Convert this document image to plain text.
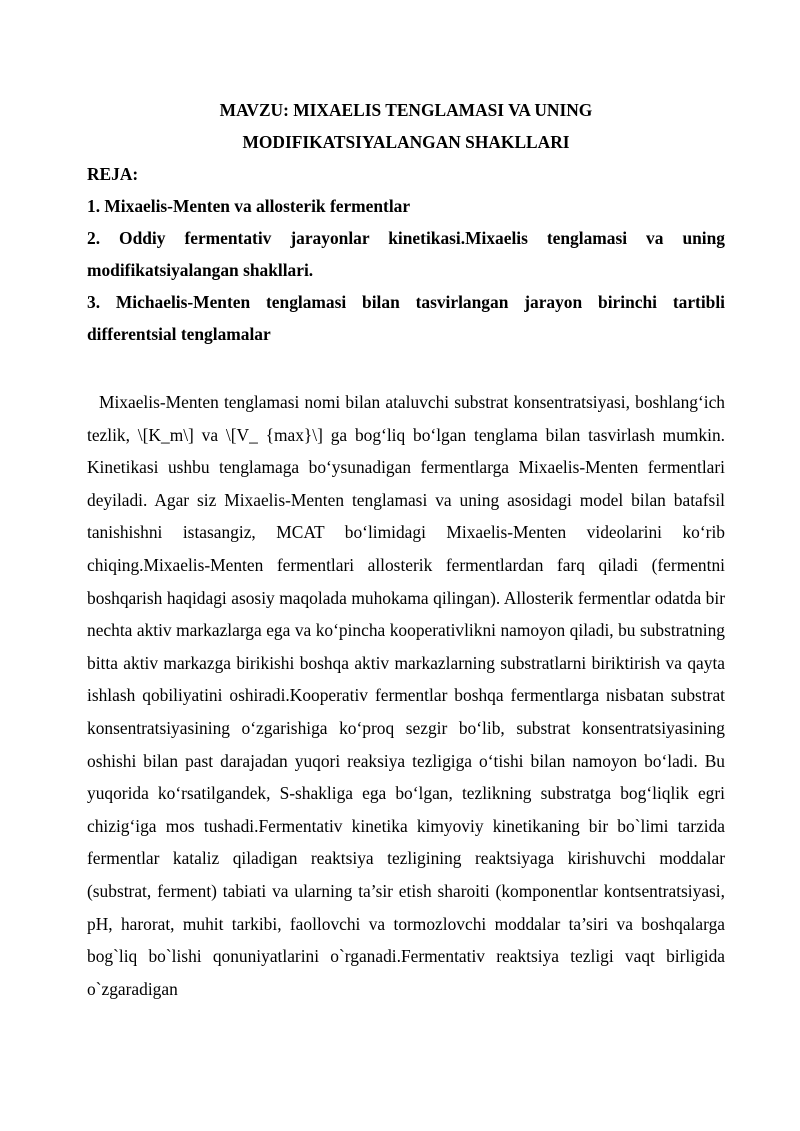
MAVZU: MIXAELIS TENGLAMASI VA UNING

MODIFIKATSIYALANGAN SHAKLLARI

REJA:

1. Mixaelis-Menten va allosterik fermentlar

2. Oddiy fermentativ jarayonlar kinetikasi.Mixaelis tenglamasi va uning modifikatsiyalangan shakllari.

3. Michaelis-Menten tenglamasi bilan tasvirlangan jarayon birinchi tartibli differentsial tenglamalar

Mixaelis-Menten tenglamasi nomi bilan ataluvchi substrat konsentratsiyasi, boshlang‘ich tezlik, \[K_m\] va \[V_ {max}\] ga bog‘liq bo‘lgan tenglama bilan tasvirlash mumkin. Kinetikasi ushbu tenglamaga bo‘ysunadigan fermentlarga Mixaelis-Menten fermentlari deyiladi. Agar siz Mixaelis-Menten tenglamasi va uning asosidagi model bilan batafsil tanishishni istasangiz, MCAT bo‘limidagi Mixaelis-Menten videolarini ko‘rib chiqing.Mixaelis-Menten fermentlari allosterik fermentlardan farq qiladi (fermentni boshqarish haqidagi asosiy maqolada muhokama qilingan). Allosterik fermentlar odatda bir nechta aktiv markazlarga ega va ko‘pincha kooperativlikni namoyon qiladi, bu substratning bitta aktiv markazga birikishi boshqa aktiv markazlarning substratlarni biriktirish va qayta ishlash qobiliyatini oshiradi.Kooperativ fermentlar boshqa fermentlarga nisbatan substrat konsentratsiyasining o‘zgarishiga ko‘proq sezgir bo‘lib, substrat konsentratsiyasining oshishi bilan past darajadan yuqori reaksiya tezligiga o‘tishi bilan namoyon bo‘ladi. Bu yuqorida ko‘rsatilgandek, S-shakliga ega bo‘lgan, tezlikning substratga bog‘liqlik egri chizig‘iga mos tushadi.Fermentativ kinetika kimyoviy kinetikaning bir bo`limi tarzida fermentlar kataliz qiladigan reaktsiya tezligining reaktsiyaga kirishuvchi moddalar (substrat, ferment) tabiati va ularning ta’sir etish sharoiti (komponentlar kontsentratsiyasi, pH, harorat, muhit tarkibi, faollovchi va tormozlovchi moddalar ta’siri va boshqalarga bog`liq bo`lishi qonuniyatlarini o`rganadi.Fermentativ reaktsiya tezligi vaqt birligida o`zgaradigan
